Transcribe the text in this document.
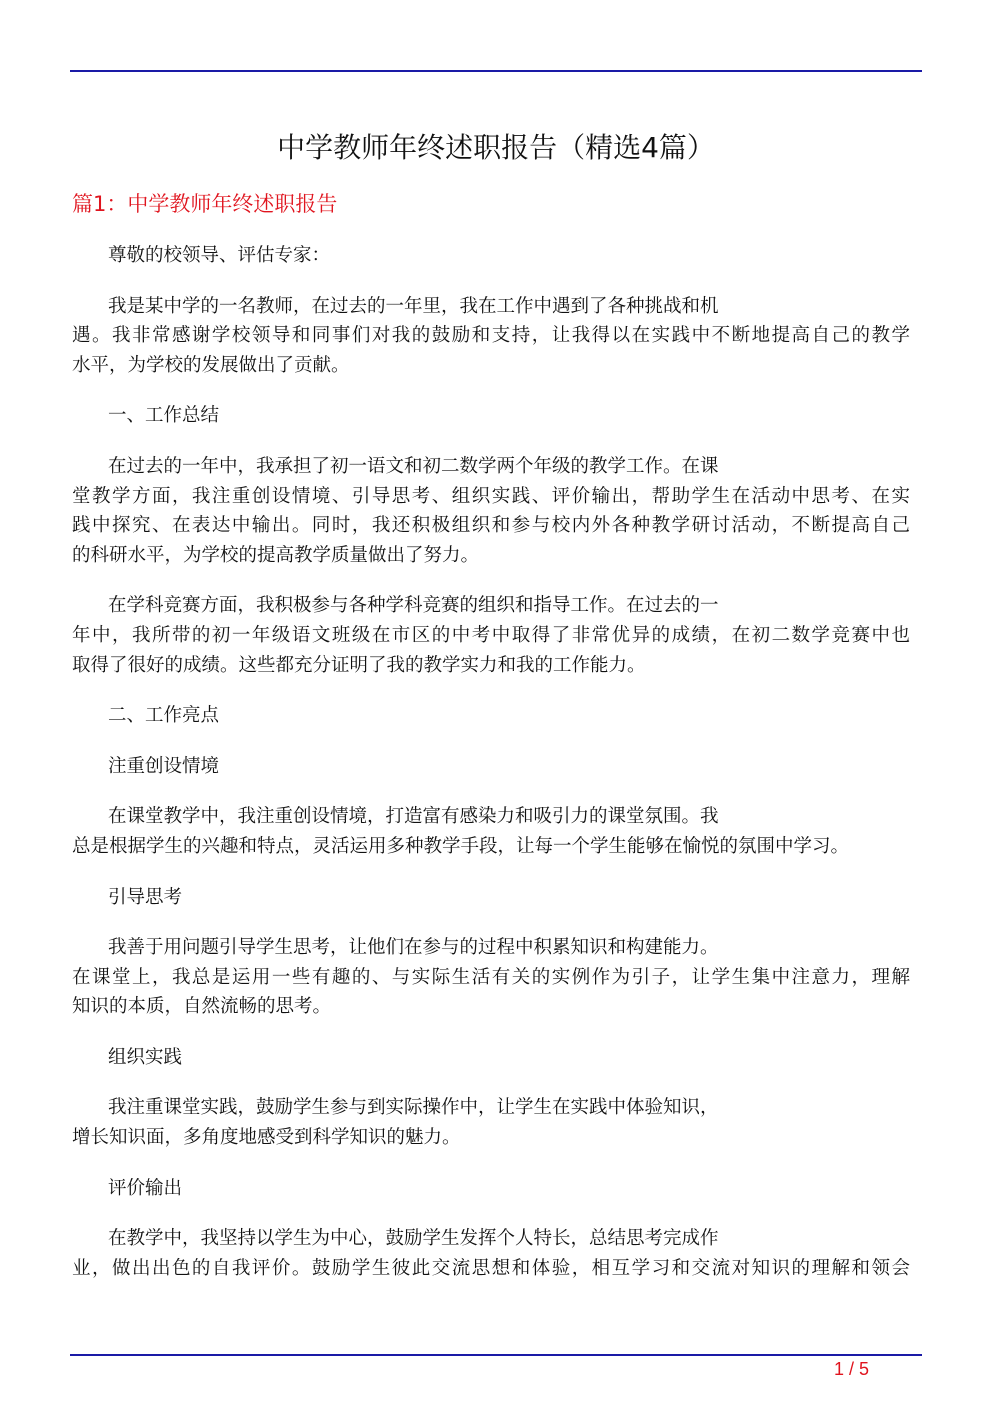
中学教师年终述职报告（精选4篇）
篇1：中学教师年终述职报告
尊敬的校领导、评估专家：
我是某中学的一名教师，在过去的一年里，我在工作中遇到了各种挑战和机
遇。我非常感谢学校领导和同事们对我的鼓励和支持，让我得以在实践中不断地提高自己的教学
水平，为学校的发展做出了贡献。
一、工作总结
在过去的一年中，我承担了初一语文和初二数学两个年级的教学工作。在课
堂教学方面，我注重创设情境、引导思考、组织实践、评价输出，帮助学生在活动中思考、在实
践中探究、在表达中输出。同时，我还积极组织和参与校内外各种教学研讨活动，不断提高自己
的科研水平，为学校的提高教学质量做出了努力。
在学科竞赛方面，我积极参与各种学科竞赛的组织和指导工作。在过去的一
年中，我所带的初一年级语文班级在市区的中考中取得了非常优异的成绩，在初二数学竞赛中也
取得了很好的成绩。这些都充分证明了我的教学实力和我的工作能力。
二、工作亮点
注重创设情境
在课堂教学中，我注重创设情境，打造富有感染力和吸引力的课堂氛围。我
总是根据学生的兴趣和特点，灵活运用多种教学手段，让每一个学生能够在愉悦的氛围中学习。
引导思考
我善于用问题引导学生思考，让他们在参与的过程中积累知识和构建能力。
在课堂上，我总是运用一些有趣的、与实际生活有关的实例作为引子，让学生集中注意力，理解
知识的本质，自然流畅的思考。
组织实践
我注重课堂实践，鼓励学生参与到实际操作中，让学生在实践中体验知识，
增长知识面，多角度地感受到科学知识的魅力。
评价输出
在教学中，我坚持以学生为中心，鼓励学生发挥个人特长，总结思考完成作
业，做出出色的自我评价。鼓励学生彼此交流思想和体验，相互学习和交流对知识的理解和领会
1 / 5
